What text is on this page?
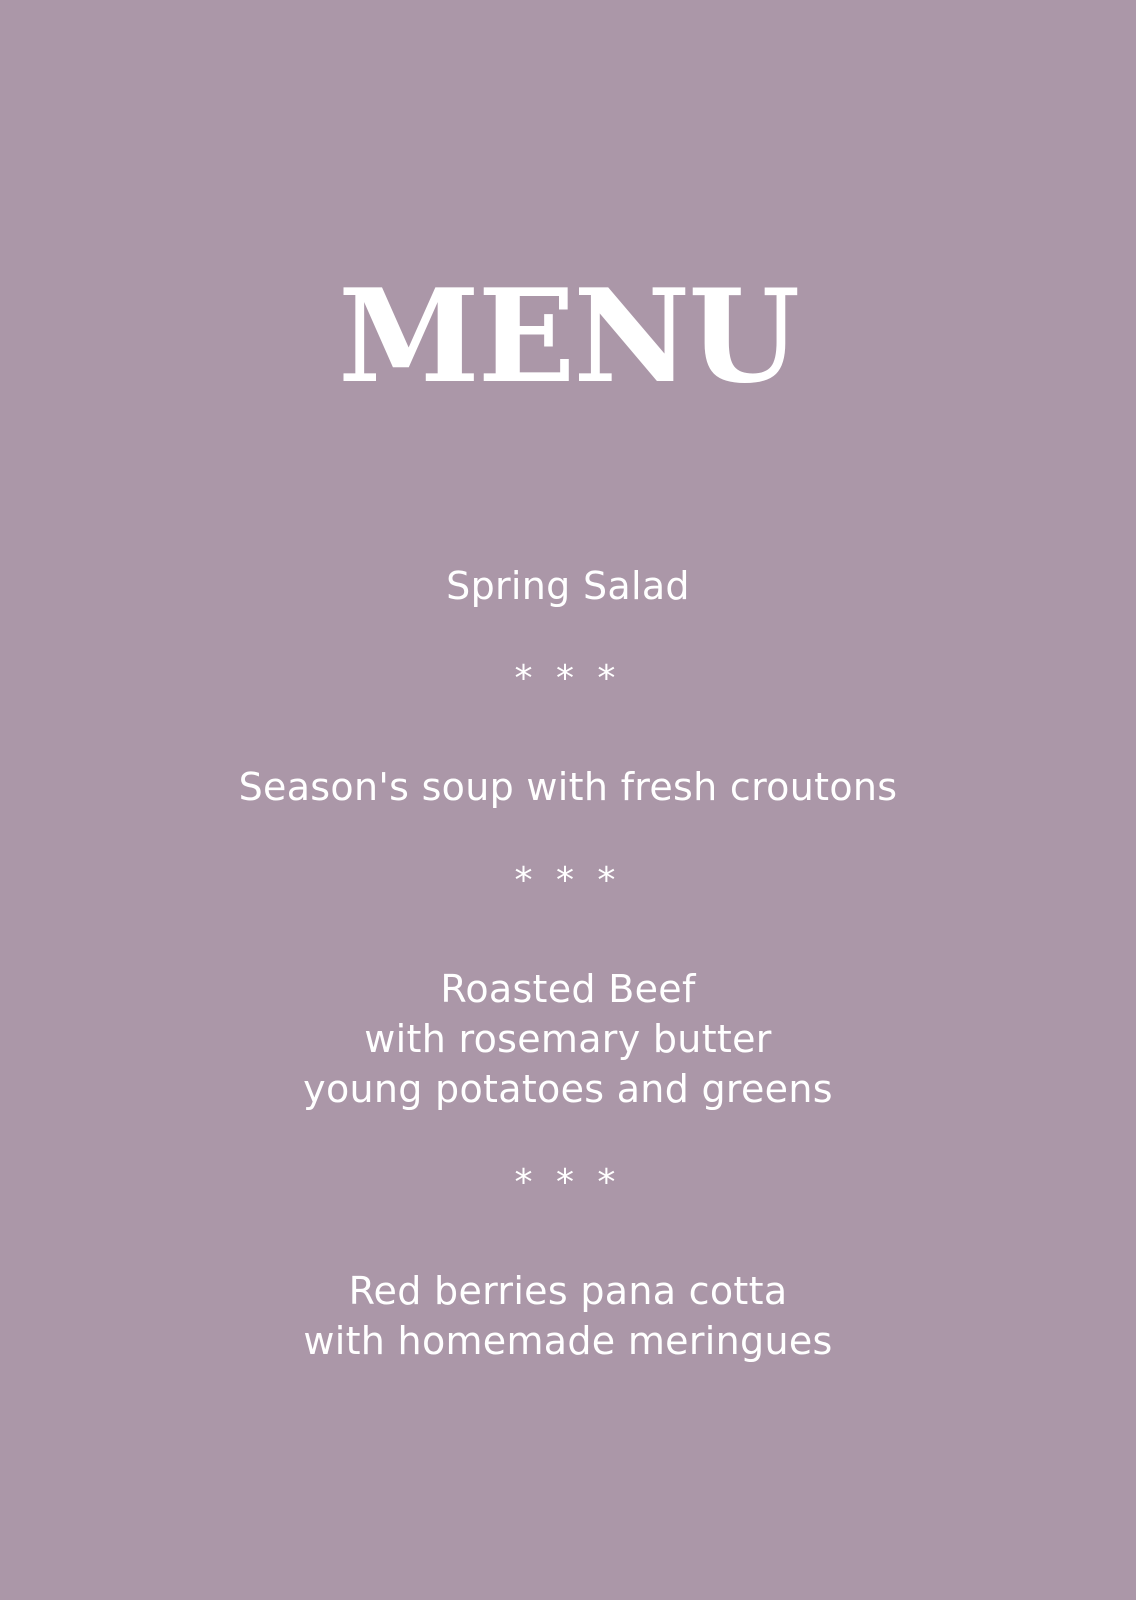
MENU
Spring Salad
* * *
Season's soup with fresh croutons
* * *
Roasted Beef
with rosemary butter
young potatoes and greens
* * *
Red berries pana cotta
with homemade meringues
